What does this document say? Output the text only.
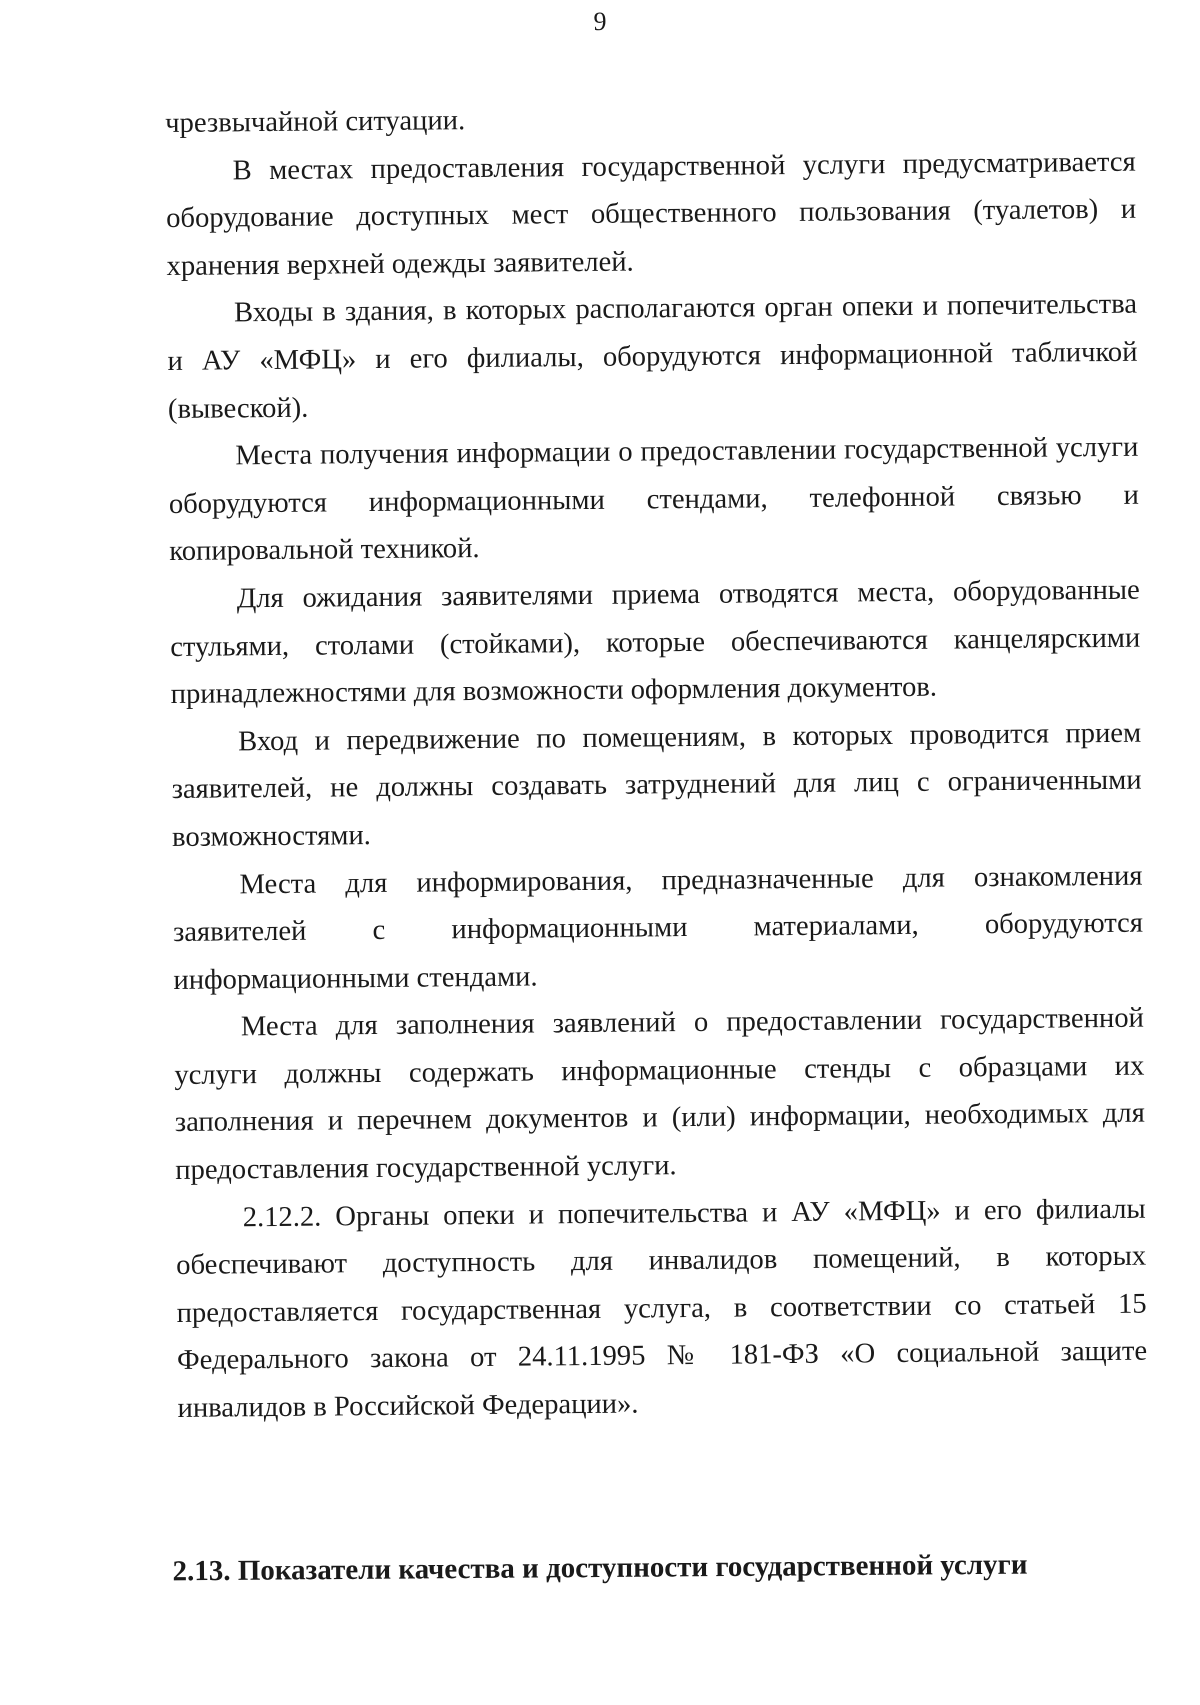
9

чрезвычайной ситуации.

В местах предоставления государственной услуги предусматривается оборудование доступных мест общественного пользования (туалетов) и хранения верхней одежды заявителей.

Входы в здания, в которых располагаются орган опеки и попечительства и АУ «МФЦ» и его филиалы, оборудуются информационной табличкой (вывеской).

Места получения информации о предоставлении государственной услуги оборудуются информационными стендами, телефонной связью и копировальной техникой.

Для ожидания заявителями приема отводятся места, оборудованные стульями, столами (стойками), которые обеспечиваются канцелярскими принадлежностями для возможности оформления документов.

Вход и передвижение по помещениям, в которых проводится прием заявителей, не должны создавать затруднений для лиц с ограниченными возможностями.

Места для информирования, предназначенные для ознакомления заявителей с информационными материалами, оборудуются информационными стендами.

Места для заполнения заявлений о предоставлении государственной услуги должны содержать информационные стенды с образцами их заполнения и перечнем документов и (или) информации, необходимых для предоставления государственной услуги.

2.12.2. Органы опеки и попечительства и АУ «МФЦ» и его филиалы обеспечивают доступность для инвалидов помещений, в которых предоставляется государственная услуга, в соответствии со статьей 15 Федерального закона от 24.11.1995 № 181-ФЗ «О социальной защите инвалидов в Российской Федерации».

2.13. Показатели качества и доступности государственной услуги
